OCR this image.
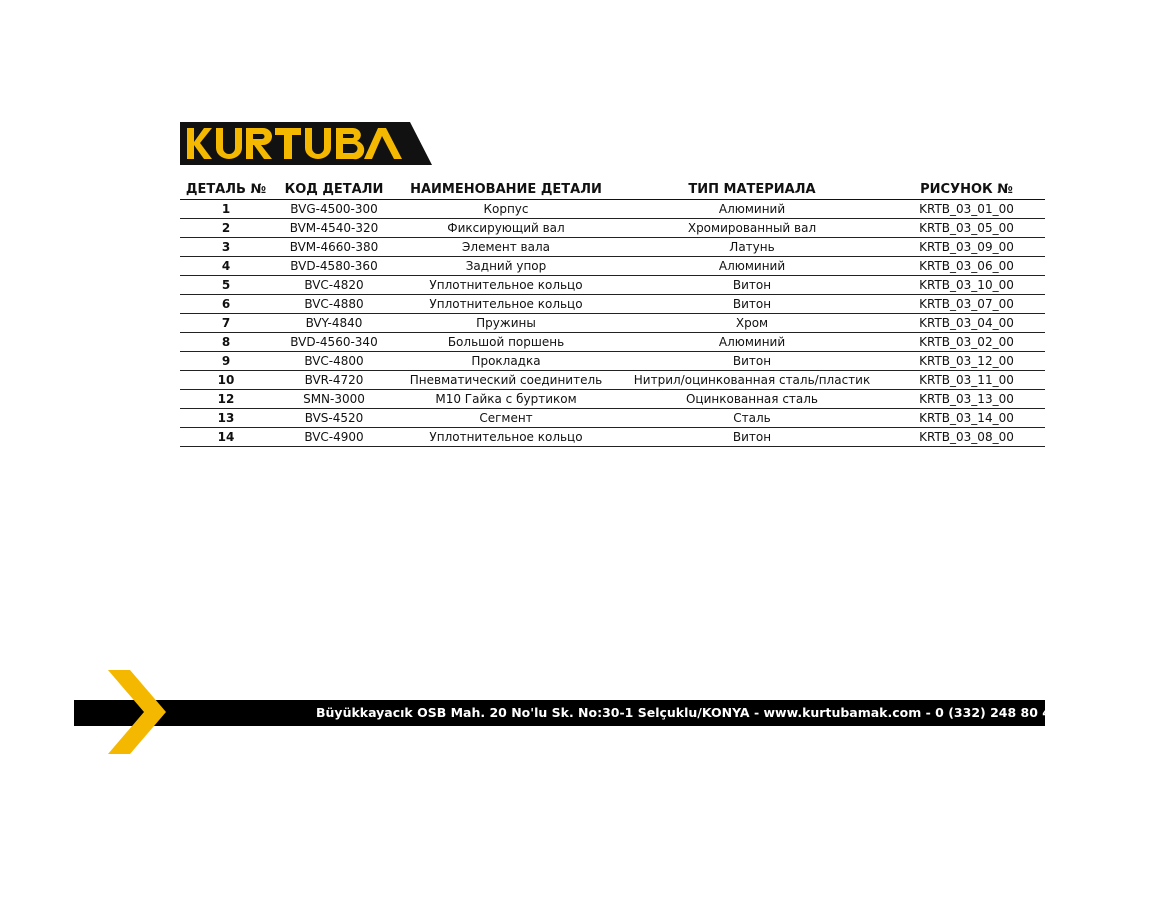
ДЕТАЛЬ №	КОД ДЕТАЛИ	НАИМЕНОВАНИЕ ДЕТАЛИ	ТИП МАТЕРИАЛА	РИСУНОК №
1	BVG-4500-300	Корпус	Алюминий	KRTB_03_01_00
2	BVM-4540-320	Фиксирующий вал	Хромированный вал	KRTB_03_05_00
3	BVM-4660-380	Элемент вала	Латунь	KRTB_03_09_00
4	BVD-4580-360	Задний упор	Алюминий	KRTB_03_06_00
5	BVC-4820	Уплотнительное кольцо	Витон	KRTB_03_10_00
6	BVC-4880	Уплотнительное кольцо	Витон	KRTB_03_07_00
7	BVY-4840	Пружины	Хром	KRTB_03_04_00
8	BVD-4560-340	Большой поршень	Алюминий	KRTB_03_02_00
9	BVC-4800	Прокладка	Витон	KRTB_03_12_00
10	BVR-4720	Пневматический соединитель	Нитрил/оцинкованная сталь/пластик	KRTB_03_11_00
12	SMN-3000	M10 Гайка с буртиком	Оцинкованная сталь	KRTB_03_13_00
13	BVS-4520	Сегмент	Сталь	KRTB_03_14_00
14	BVC-4900	Уплотнительное кольцо	Витон	KRTB_03_08_00
Büyükkayacık OSB Mah. 20 No'lu Sk. No:30-1 Selçuklu/KONYA - www.kurtubamak.com - 0 (332) 248 80 42
